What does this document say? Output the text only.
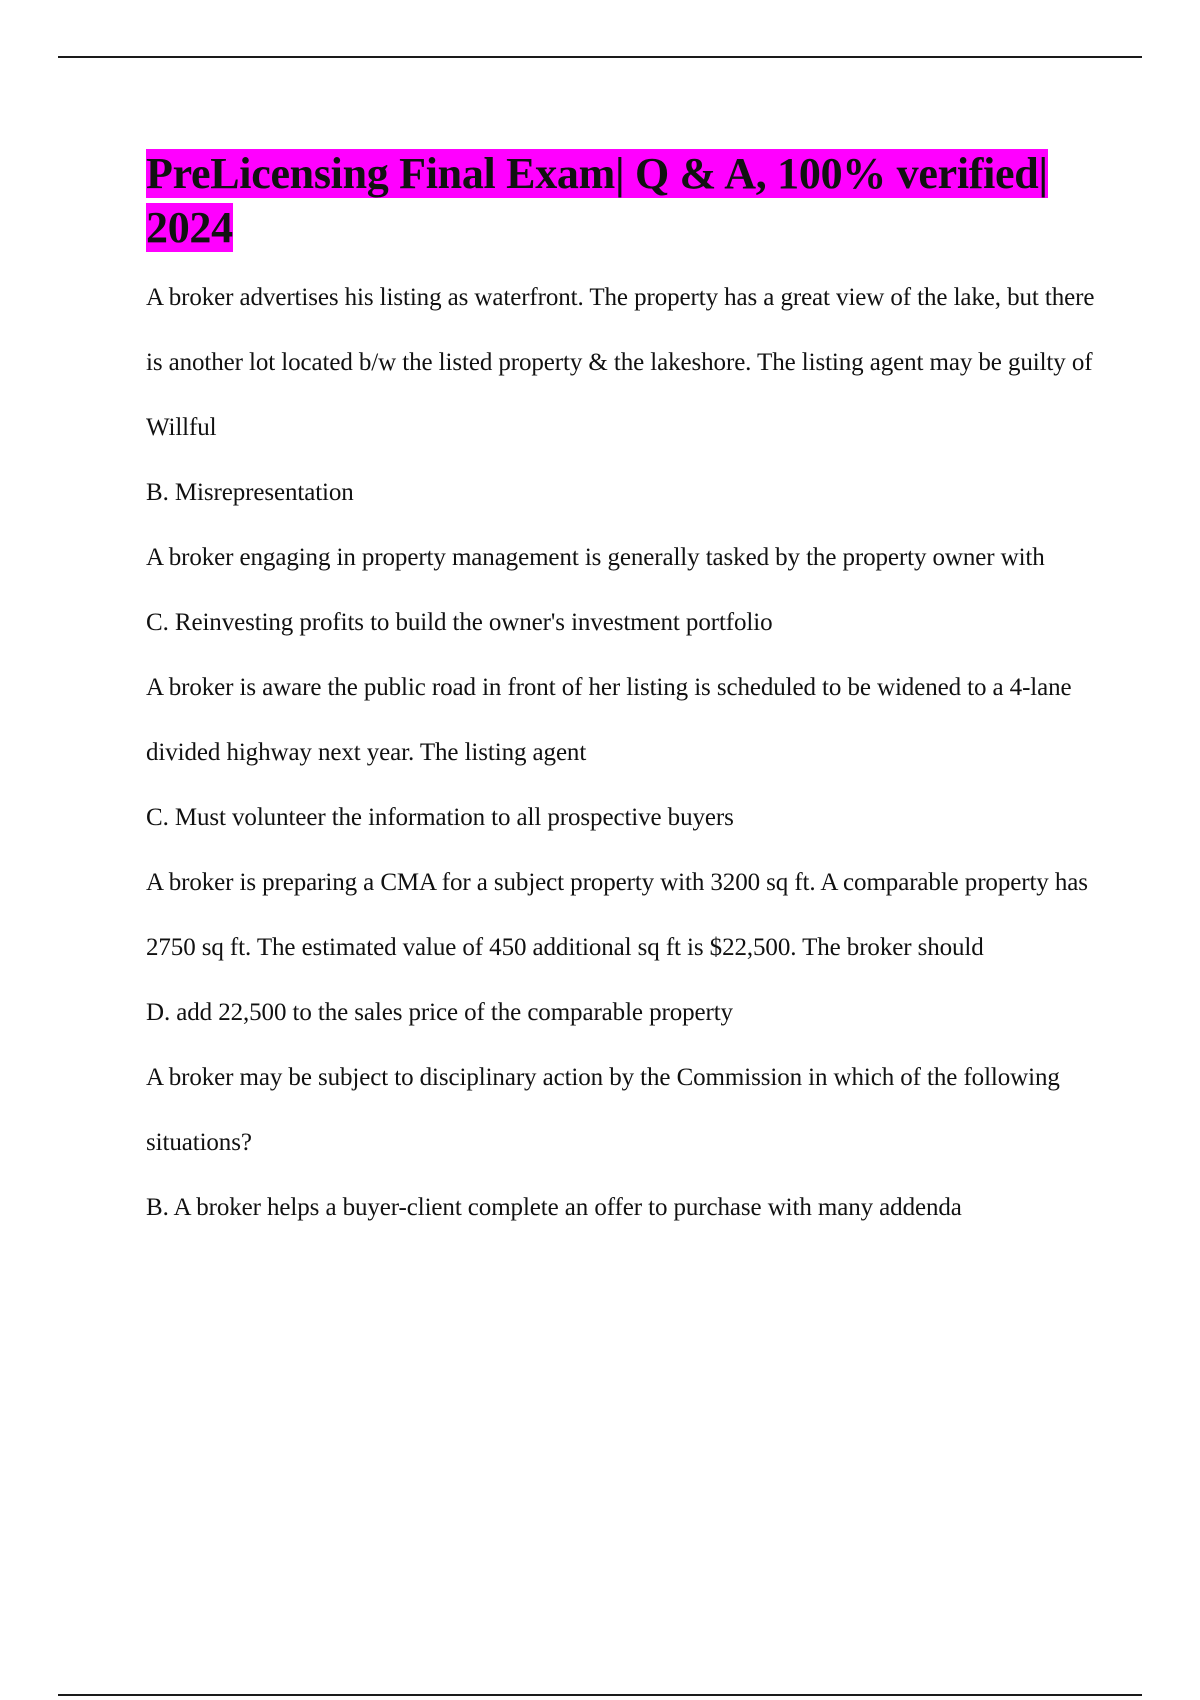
PreLicensing Final Exam| Q & A, 100% verified| 2024

A broker advertises his listing as waterfront. The property has a great view of the lake, but there is another lot located b/w the listed property & the lakeshore. The listing agent may be guilty of

Willful

B. Misrepresentation

A broker engaging in property management is generally tasked by the property owner with

C. Reinvesting profits to build the owner's investment portfolio

A broker is aware the public road in front of her listing is scheduled to be widened to a 4-lane divided highway next year. The listing agent

C. Must volunteer the information to all prospective buyers

A broker is preparing a CMA for a subject property with 3200 sq ft. A comparable property has 2750 sq ft. The estimated value of 450 additional sq ft is $22,500. The broker should

D. add 22,500 to the sales price of the comparable property

A broker may be subject to disciplinary action by the Commission in which of the following situations?

B. A broker helps a buyer-client complete an offer to purchase with many addenda
